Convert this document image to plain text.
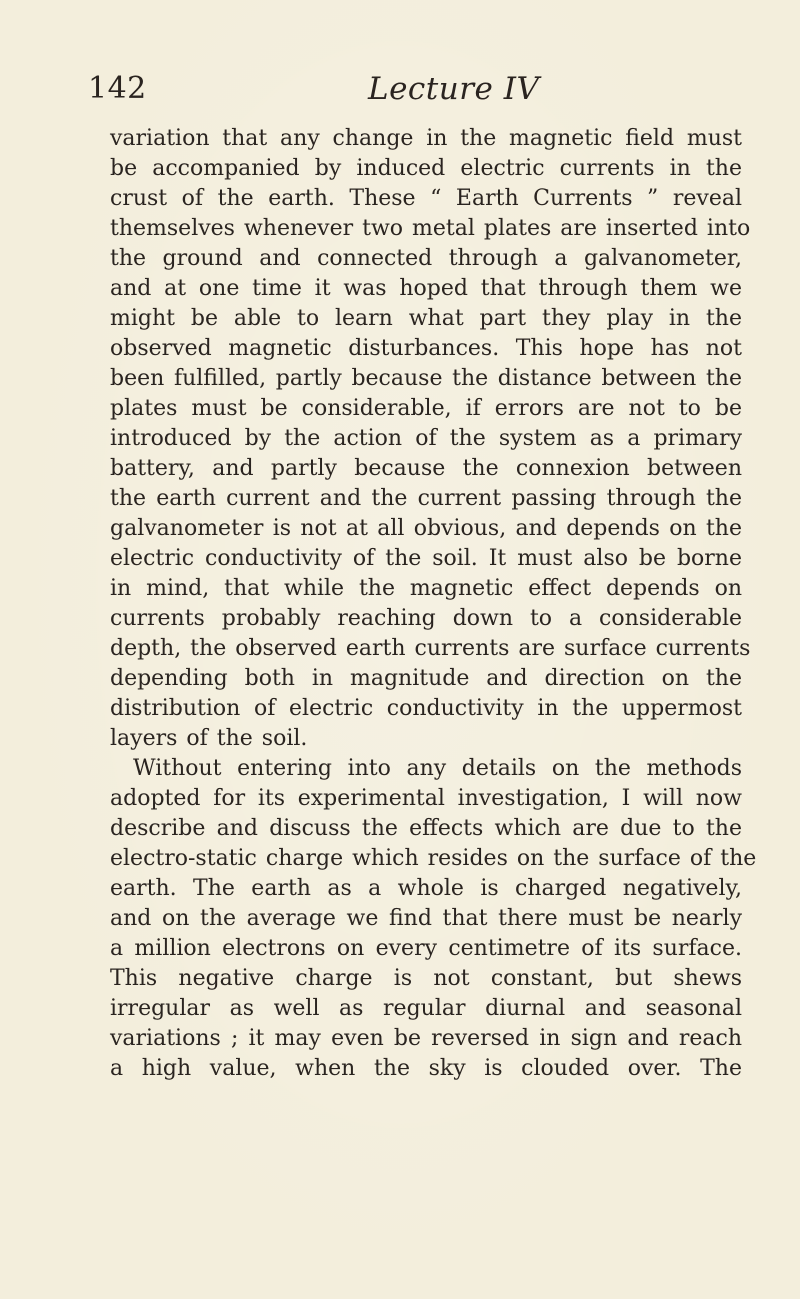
142	Lecture IV
variation that any change in the magnetic field must
be accompanied by induced electric currents in the
crust of the earth. These “ Earth Currents ” reveal
themselves whenever two metal plates are inserted into
the ground and connected through a galvanometer,
and at one time it was hoped that through them we
might be able to learn what part they play in the
observed magnetic disturbances. This hope has not
been fulfilled, partly because the distance between the
plates must be considerable, if errors are not to be
introduced by the action of the system as a primary
battery, and partly because the connexion between
the earth current and the current passing through the
galvanometer is not at all obvious, and depends on the
electric conductivity of the soil. It must also be borne
in mind, that while the magnetic effect depends on
currents probably reaching down to a considerable
depth, the observed earth currents are surface currents
depending both in magnitude and direction on the
distribution of electric conductivity in the uppermost
layers of the soil.
Without entering into any details on the methods
adopted for its experimental investigation, I will now
describe and discuss the effects which are due to the
electro-static charge which resides on the surface of the
earth. The earth as a whole is charged negatively,
and on the average we find that there must be nearly
a million electrons on every centimetre of its surface.
This negative charge is not constant, but shews
irregular as well as regular diurnal and seasonal
variations ; it may even be reversed in sign and reach
a high value, when the sky is clouded over. The
